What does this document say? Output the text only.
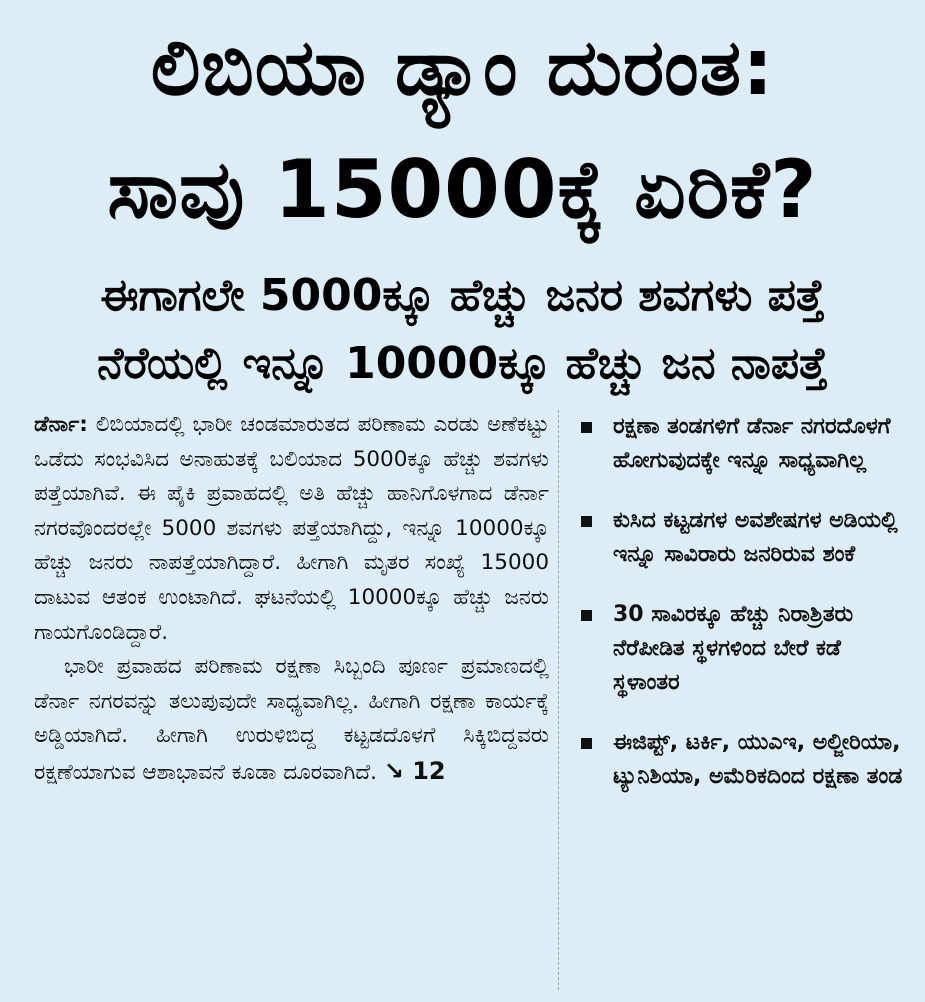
ಲಿಬಿಯಾ ಡ್ಯಾಂ ದುರಂತ:
ಸಾವು 15000ಕ್ಕೆ ಏರಿಕೆ?
ಈಗಾಗಲೇ 5000ಕ್ಕೂ ಹೆಚ್ಚು ಜನರ ಶವಗಳು ಪತ್ತೆ
ನೆರೆಯಲ್ಲಿ ಇನ್ನೂ 10000ಕ್ಕೂ ಹೆಚ್ಚು ಜನ ನಾಪತ್ತೆ

ಡೆರ್ನಾ: ಲಿಬಿಯಾದಲ್ಲಿ ಭಾರೀ ಚಂಡಮಾರುತದ ಪರಿಣಾಮ ಎರಡು ಅಣೆಕಟ್ಟು ಒಡೆದು ಸಂಭವಿಸಿದ ಅನಾಹುತಕ್ಕೆ ಬಲಿಯಾದ 5000ಕ್ಕೂ ಹೆಚ್ಚು ಶವಗಳು ಪತ್ತೆಯಾಗಿವೆ. ಈ ಪೈಕಿ ಪ್ರವಾಹದಲ್ಲಿ ಅತಿ ಹೆಚ್ಚು ಹಾನಿಗೊಳಗಾದ ಡೆರ್ನಾ ನಗರವೊಂದರಲ್ಲೇ 5000 ಶವಗಳು ಪತ್ತೆಯಾಗಿದ್ದು, ಇನ್ನೂ 10000ಕ್ಕೂ ಹೆಚ್ಚು ಜನರು ನಾಪತ್ತೆಯಾಗಿದ್ದಾರೆ. ಹೀಗಾಗಿ ಮೃತರ ಸಂಖ್ಯೆ 15000 ದಾಟುವ ಆತಂಕ ಉಂಟಾಗಿದೆ. ಘಟನೆಯಲ್ಲಿ 10000ಕ್ಕೂ ಹೆಚ್ಚು ಜನರು ಗಾಯಗೊಂಡಿದ್ದಾರೆ.

ಭಾರೀ ಪ್ರವಾಹದ ಪರಿಣಾಮ ರಕ್ಷಣಾ ಸಿಬ್ಬಂದಿ ಪೂರ್ಣ ಪ್ರಮಾಣದಲ್ಲಿ ಡೆರ್ನಾ ನಗರವನ್ನು ತಲುಪುವುದೇ ಸಾಧ್ಯವಾಗಿಲ್ಲ. ಹೀಗಾಗಿ ರಕ್ಷಣಾ ಕಾರ್ಯಕ್ಕೆ ಅಡ್ಡಿಯಾಗಿದೆ. ಹೀಗಾಗಿ ಉರುಳಿಬಿದ್ದ ಕಟ್ಟಡದೊಳಗೆ ಸಿಕ್ಕಿಬಿದ್ದವರು ರಕ್ಷಣೆಯಾಗುವ ಆಶಾಭಾವನೆ ಕೂಡಾ ದೂರವಾಗಿದೆ. ↘ 12

ರಕ್ಷಣಾ ತಂಡಗಳಿಗೆ ಡೆರ್ನಾ ನಗರದೊಳಗೆ ಹೋಗುವುದಕ್ಕೇ ಇನ್ನೂ ಸಾಧ್ಯವಾಗಿಲ್ಲ
ಕುಸಿದ ಕಟ್ಟಡಗಳ ಅವಶೇಷಗಳ ಅಡಿಯಲ್ಲಿ ಇನ್ನೂ ಸಾವಿರಾರು ಜನರಿರುವ ಶಂಕೆ
30 ಸಾವಿರಕ್ಕೂ ಹೆಚ್ಚು ನಿರಾಶ್ರಿತರು ನೆರೆಪೀಡಿತ ಸ್ಥಳಗಳಿಂದ ಬೇರೆ ಕಡೆ ಸ್ಥಳಾಂತರ
ಈಜಿಪ್ಟ್, ಟರ್ಕಿ, ಯುಎಇ, ಅಲ್ಜೀರಿಯಾ, ಟ್ಯುನಿಶಿಯಾ, ಅಮೆರಿಕದಿಂದ ರಕ್ಷಣಾ ತಂಡ
